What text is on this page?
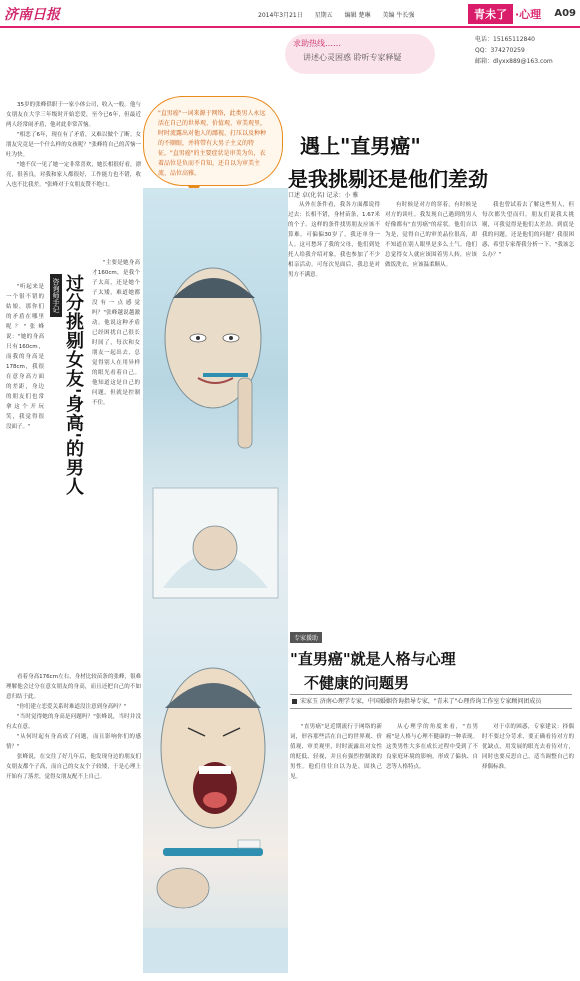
济南日报	2014年3月21日 星期五 编辑 楚琳 美编 牛长强	青未了 ·心理 A09
求助热线……
讲述心灵困惑 聆听专家释疑
电话：15165112840
QQ：374270259
邮箱：dlyxx889@163.com

35岁的张峰供职于一家小体公司，收入一般。他与女朋友在大学三年级时开始恋爱，至今已6年，但最近两人经常闹矛盾，他对此非常苦恼。

"相恋了6年，现在有了矛盾，又难以做个了断。女朋友究竟是一个什么样的女孩呢？"张峰将自己的苦恼一吐为快。

"她不仅一见了她一定非常喜欢，她长相很好看，漂亮，很善良，对我和家人都很好，工作能力也不错，收入也不比我差。"张峰对于女朋友赞不绝口。

"直男癌"一词来源于网络，此类男人永远活在自己的世界观、价值观、审美观里，时时流露出对他人的鄙视、打压以及种种的不顺眼，并将带有大男子主义的特征，"直男癌"的主要症状是审美为负，衣着品位是负而不自知，还自以为审美主流、品位高雅。
咨询师手记 过分挑剔女友'身高'的男人

"主要是她身高才160cm，是我个子太高，还是她个子太矮，难道她都没有一点感觉吗？"张峰越说越激动。他说这种矛盾已经困扰自己很长时间了，每次和女朋友一起出去，总觉得别人在用异样的眼光看着自己。他知道这是自己的问题，但就是控制不住。

"听起来是一个很不错的姑娘，那你们的矛盾在哪里呢？"张峰说："她的身高只有160cm，而我的身高是178cm，我很在意身高方面的差距，身边的朋友们也常拿这个开玩笑，我觉得很没面子。"

看着身高176cm左右，身材比较苗条的张峰，很难理解他会过分在意女朋友的身高，而且还把自己的不如意归结于此。

"你们建立恋爱关系时难道没注意到身高吗？"

"当时觉得她的身高是问题吗？"张峰说，当时并没有太在意。

"从何时起有身高成了问题，而且影响你们的感情？"

张峰说，在交往了好几年后，他发现身边的朋友们女朋友都个子高，而自己的女友个子较矮，于是心理上开始有了落差，觉得女朋友配不上自己。

遇上"直男癌"
是我挑剔还是他们差劲
口述 卓(化名) 记录：小 雅

从外在条件看，我各方面都说得过去：长相不错，身材苗条，1.67米的个子。这样的条件找男朋友应该不算难。可偏偏30岁了，我还单身一人。这可愁坏了我的父母，他们到处托人给我介绍对象，我也参加了不少相亲活动。可每次见面后，我总是对男方不满意。

有时候是对方的穿着，有时候是对方的谈吐。我发现自己遇到的男人好像都有"直男癌"的症状。他们自以为是，觉得自己的审美品位很高，却不知道在别人眼里是多么土气。他们总觉得女人就应该围着男人转，应该做饭洗衣，应该温柔顺从。

我也曾试着去了解这些男人，但每次都失望而归。朋友们说我太挑剔，可我觉得是他们太差劲。到底是我的问题，还是他们的问题？我很困惑，希望专家帮我分析一下。"我该怎么办？"

专家援助
"直男癌"就是人格与心理
不健康的问题男
宋家玉 济南心理学专家，中国婚姻咨询指导专家，"青未了"心理咨询工作室专家顾问团成员

"直男癌"是近期流行于网络的新词，形容那些活在自己的世界观、价值观、审美观里，时时流露出对女性的贬低、轻视，并且有强烈控制欲的男性。他们往往自以为是，固执己见。

从心理学的角度来看，"直男癌"是人格与心理不健康的一种表现。这类男性大多在成长过程中受到了不良家庭环境的影响，形成了偏执、自恋等人格特点。

对于卓的困惑，专家建议：择偶时不要过分苛求，要正确看待对方的优缺点，用发展的眼光去看待对方，同时也要反思自己，适当调整自己的择偶标准。
